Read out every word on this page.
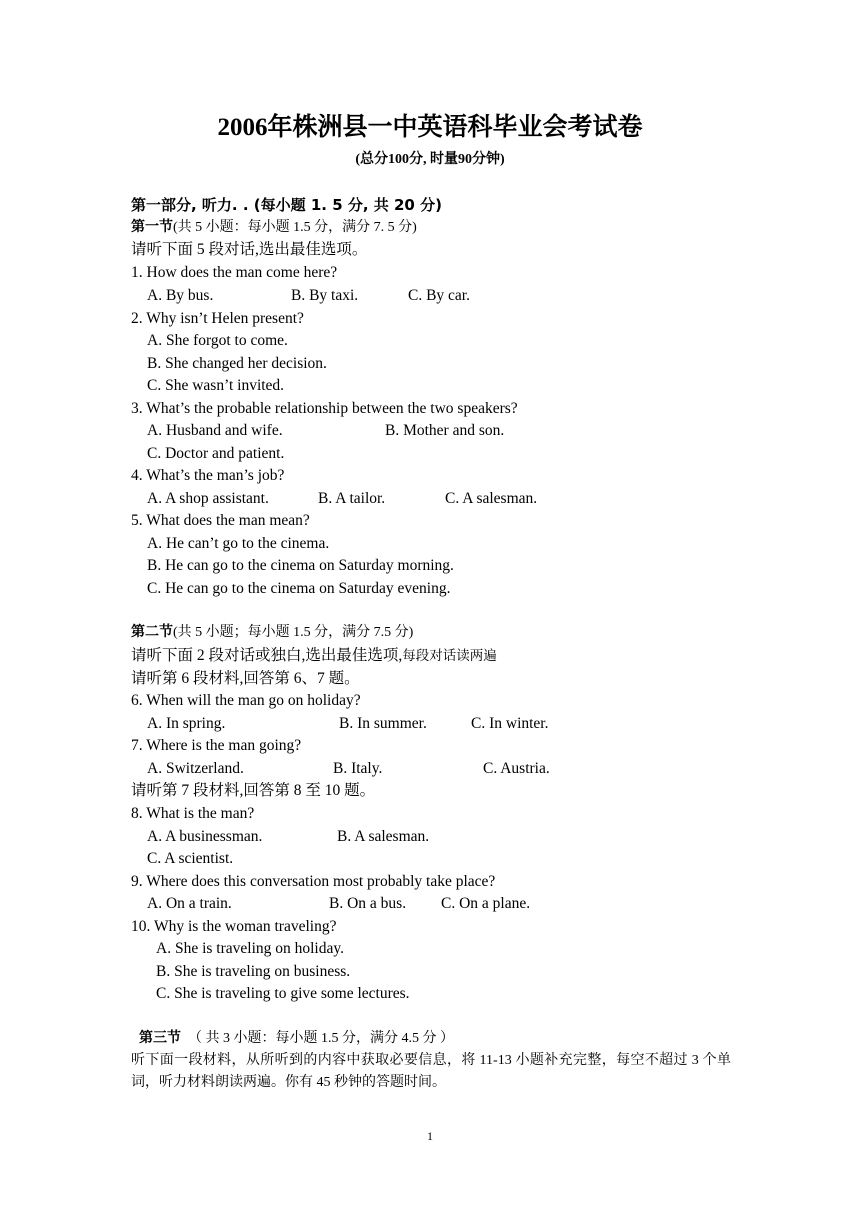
2006年株洲县一中英语科毕业会考试卷
(总分100分, 时量90分钟)
第一部分, 听力. . (每小题 1. 5 分, 共 20 分)
第一节(共 5 小题：每小题 1.5 分，满分 7. 5 分)
请听下面 5 段对话,选出最佳选项。
1. How does the man come here?
A. By bus.	B. By taxi.	C. By car.
2. Why isn’t Helen present?
A. She forgot to come.
B. She changed her decision.
C. She wasn’t invited.
3. What’s the probable relationship between the two speakers?
A. Husband and wife.	B. Mother and son.
C. Doctor and patient.
4. What’s the man’s job?
A. A shop assistant.	B. A tailor.	C. A salesman.
5. What does the man mean?
A. He can’t go to the cinema.
B. He can go to the cinema on Saturday morning.
C. He can go to the cinema on Saturday evening.
第二节(共 5 小题；每小题 1.5 分，满分 7.5 分)
请听下面 2 段对话或独白,选出最佳选项,每段对话读两遍
请听第 6 段材料,回答第 6、7 题。
6. When will the man go on holiday?
A. In spring.	B. In summer.	C. In winter.
7. Where is the man going?
A. Switzerland.	B. Italy.	C. Austria.
请听第 7 段材料,回答第 8 至 10 题。
8. What is the man?
A. A businessman.	B. A salesman.
C. A scientist.
9. Where does this conversation most probably take place?
A. On a train.	B. On a bus. C. On a plane.
10. Why is the woman traveling?
A. She is traveling on holiday.
B. She is traveling on business.
C. She is traveling to give some lectures.
第三节 （ 共 3 小题：每小题 1.5 分，满分 4.5 分 ）
听下面一段材料，从所听到的内容中获取必要信息，将 11-13 小题补充完整，每空不超过 3 个单词，听力材料朗读两遍。你有 45 秒钟的答题时间。
1
